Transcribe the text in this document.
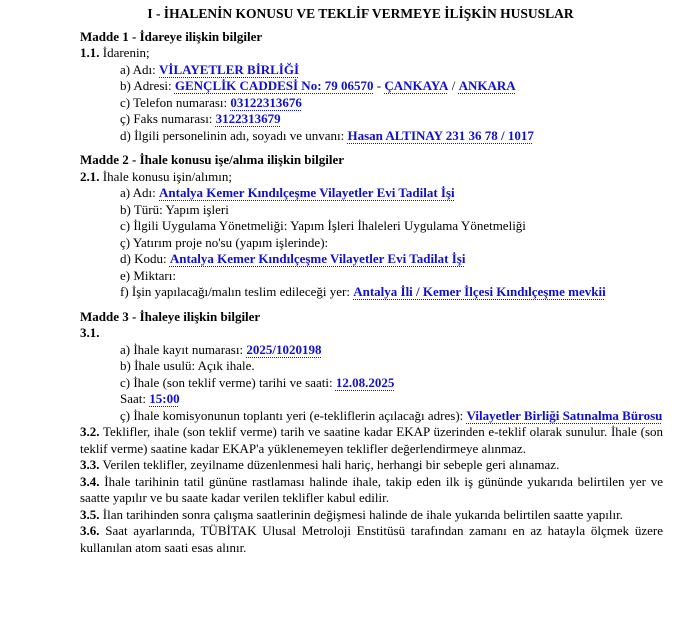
I - İHALENİN KONUSU VE TEKLİF VERMEYE İLİŞKİN HUSUSLAR
Madde 1 - İdareye ilişkin bilgiler
1.1. İdarenin;
a) Adı: VİLAYETLER BİRLİĞİ
b) Adresi: GENÇLİK CADDESİ No: 79 06570 - ÇANKAYA / ANKARA
c) Telefon numarası: 03122313676
ç) Faks numarası: 3122313679
d) İlgili personelinin adı, soyadı ve unvanı: Hasan ALTINAY 231 36 78 / 1017
Madde 2 - İhale konusu işe/alıma ilişkin bilgiler
2.1. İhale konusu işin/alımın;
a) Adı: Antalya Kemer Kındılçeşme Vilayetler Evi Tadilat İşi
b) Türü: Yapım işleri
c) İlgili Uygulama Yönetmeliği: Yapım İşleri İhaleleri Uygulama Yönetmeliği
ç) Yatırım proje no'su (yapım işlerinde):
d) Kodu: Antalya Kemer Kındılçeşme Vilayetler Evi Tadilat İşi
e) Miktarı:
f) İşin yapılacağı/malın teslim edileceği yer: Antalya İli / Kemer İlçesi Kındılçeşme mevkii
Madde 3 - İhaleye ilişkin bilgiler
3.1.
a) İhale kayıt numarası: 2025/1020198
b) İhale usulü: Açık ihale.
c) İhale (son teklif verme) tarihi ve saati: 12.08.2025
Saat: 15:00
ç) İhale komisyonunun toplantı yeri (e-tekliflerin açılacağı adres): Vilayetler Birliği Satınalma Bürosu
3.2. Teklifler, ihale (son teklif verme) tarih ve saatine kadar EKAP üzerinden e-teklif olarak sunulur. İhale (son teklif verme) saatine kadar EKAP'a yüklenemeyen teklifler değerlendirmeye alınmaz.
3.3. Verilen teklifler, zeyilname düzenlenmesi hali hariç, herhangi bir sebeple geri alınamaz.
3.4. İhale tarihinin tatil gününe rastlaması halinde ihale, takip eden ilk iş gününde yukarıda belirtilen yer ve saatte yapılır ve bu saate kadar verilen teklifler kabul edilir.
3.5. İlan tarihinden sonra çalışma saatlerinin değişmesi halinde de ihale yukarıda belirtilen saatte yapılır.
3.6. Saat ayarlarında, TÜBİTAK Ulusal Metroloji Enstitüsü tarafından zamanı en az hatayla ölçmek üzere kullanılan atom saati esas alınır.
